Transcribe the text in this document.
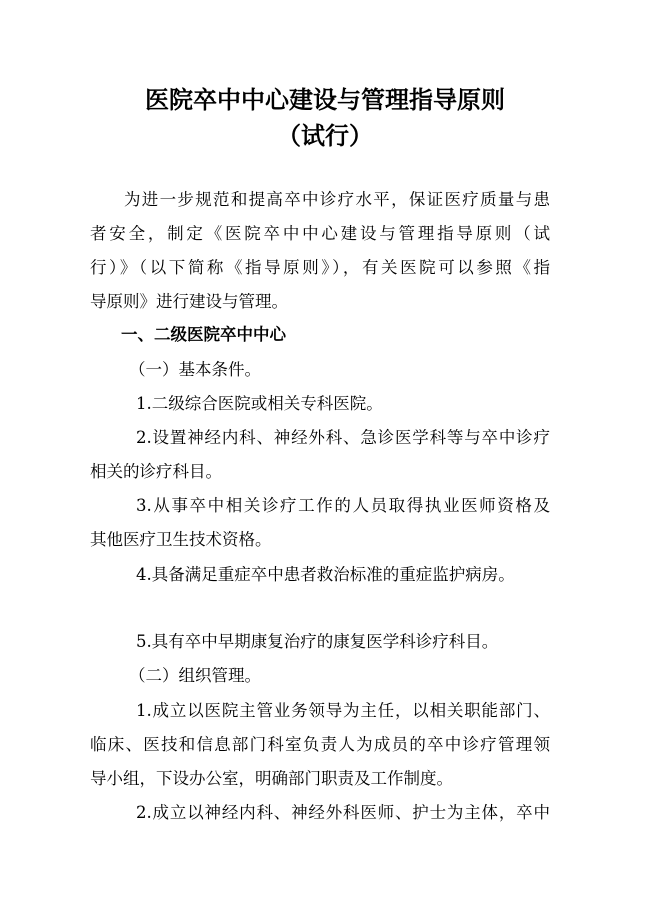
医院卒中中心建设与管理指导原则
（试行）
为进一步规范和提高卒中诊疗水平，保证医疗质量与患
者安全，制定《医院卒中中心建设与管理指导原则（试
行）》（以下简称《指导原则》），有关医院可以参照《指
导原则》进行建设与管理。
一、二级医院卒中中心
（一）基本条件。
1.二级综合医院或相关专科医院。
2.设置神经内科、神经外科、急诊医学科等与卒中诊疗
相关的诊疗科目。
3.从事卒中相关诊疗工作的人员取得执业医师资格及
其他医疗卫生技术资格。
4.具备满足重症卒中患者救治标准的重症监护病房。
5.具有卒中早期康复治疗的康复医学科诊疗科目。
（二）组织管理。
1.成立以医院主管业务领导为主任，以相关职能部门、
临床、医技和信息部门科室负责人为成员的卒中诊疗管理领
导小组，下设办公室，明确部门职责及工作制度。
2.成立以神经内科、神经外科医师、护士为主体，卒中
